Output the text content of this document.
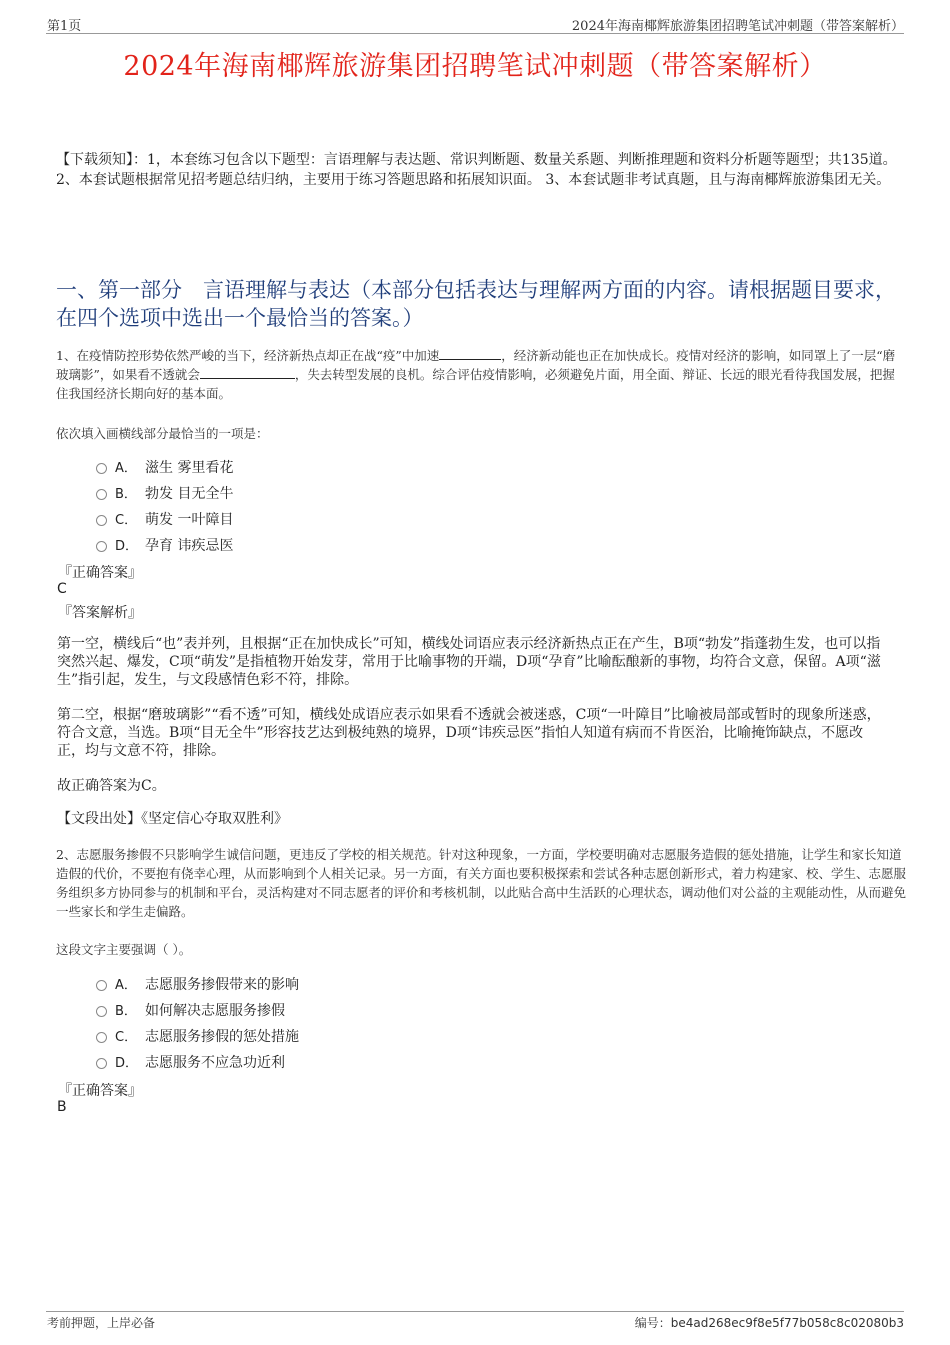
第1页	2024年海南椰辉旅游集团招聘笔试冲刺题（带答案解析）
2024年海南椰辉旅游集团招聘笔试冲刺题（带答案解析）
【下载须知】：1，本套练习包含以下题型：言语理解与表达题、常识判断题、数量关系题、判断推理题和资料分析题等题型；共135道。 2、本套试题根据常见招考题总结归纳，主要用于练习答题思路和拓展知识面。 3、本套试题非考试真题，且与海南椰辉旅游集团无关。
一、第一部分　言语理解与表达（本部分包括表达与理解两方面的内容。请根据题目要求，在四个选项中选出一个最恰当的答案。）
1、在疫情防控形势依然严峻的当下，经济新热点却正在战“疫”中加速	，经济新动能也正在加快成长。疫情对经济的影响，如同罩上了一层“磨玻璃影”，如果看不透就会	，失去转型发展的良机。综合评估疫情影响，必须避免片面，用全面、辩证、长远的眼光看待我国发展，把握住我国经济长期向好的基本面。
依次填入画横线部分最恰当的一项是：
A． 滋生 雾里看花
B． 勃发 目无全牛
C． 萌发 一叶障目
D． 孕育 讳疾忌医
『正确答案』
C
『答案解析』
第一空，横线后“也”表并列，且根据“正在加快成长”可知，横线处词语应表示经济新热点正在产生，B项“勃发”指蓬勃生发，也可以指突然兴起、爆发，C项“萌发”是指植物开始发芽，常用于比喻事物的开端，D项“孕育”比喻酝酿新的事物，均符合文意，保留。A项“滋生”指引起，发生，与文段感情色彩不符，排除。
第二空，根据“磨玻璃影”“看不透”可知，横线处成语应表示如果看不透就会被迷惑，C项“一叶障目”比喻被局部或暂时的现象所迷惑，符合文意，当选。B项“目无全牛”形容技艺达到极纯熟的境界，D项“讳疾忌医”指怕人知道有病而不肯医治，比喻掩饰缺点，不愿改正，均与文意不符，排除。
故正确答案为C。
【文段出处】《坚定信心夺取双胜利》
2、志愿服务掺假不只影响学生诚信问题，更违反了学校的相关规范。针对这种现象，一方面，学校要明确对志愿服务造假的惩处措施，让学生和家长知道造假的代价，不要抱有侥幸心理，从而影响到个人相关记录。另一方面，有关方面也要积极探索和尝试各种志愿创新形式，着力构建家、校、学生、志愿服务组织多方协同参与的机制和平台，灵活构建对不同志愿者的评价和考核机制，以此贴合高中生活跃的心理状态，调动他们对公益的主观能动性，从而避免一些家长和学生走偏路。
这段文字主要强调（ ）。
A． 志愿服务掺假带来的影响
B． 如何解决志愿服务掺假
C． 志愿服务掺假的惩处措施
D． 志愿服务不应急功近利
『正确答案』
B
考前押题，上岸必备	编号：be4ad268ec9f8e5f77b058c8c02080b3
